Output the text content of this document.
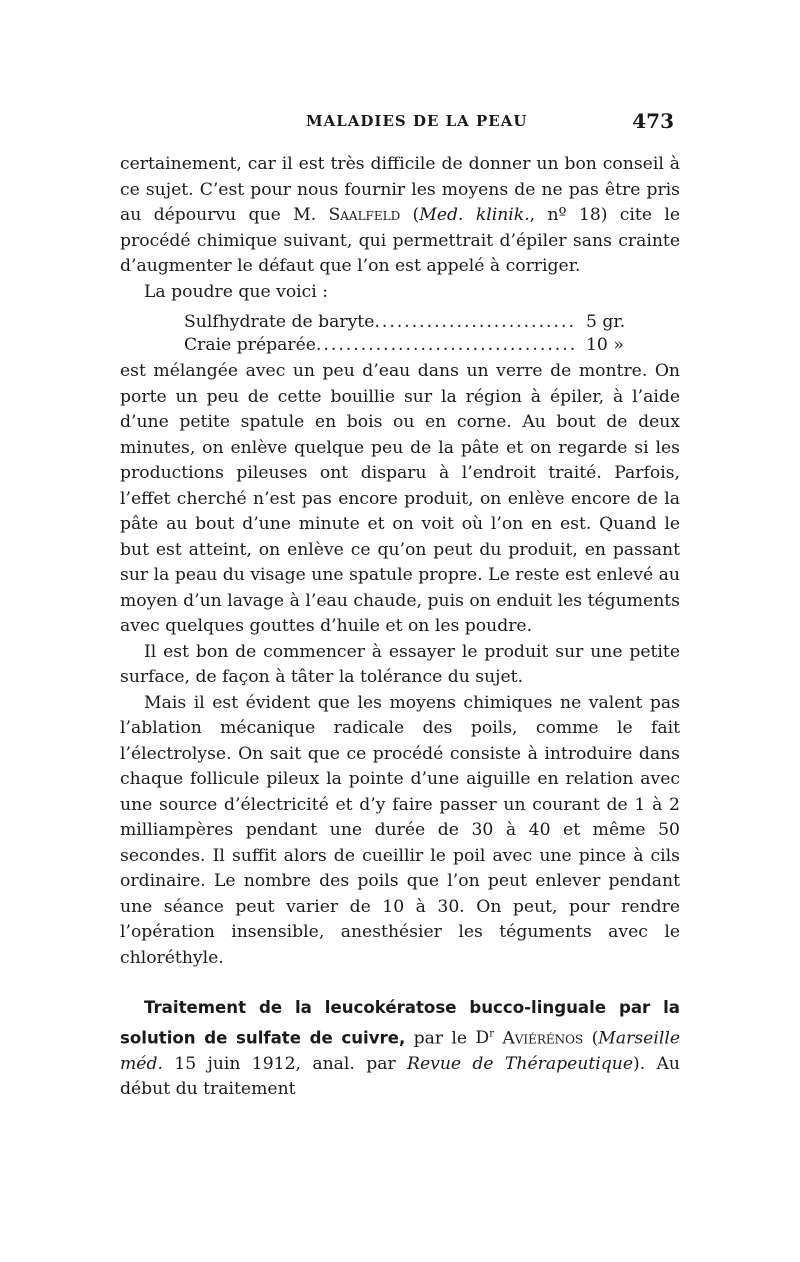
MALADIES DE LA PEAU	473

certainement, car il est très difficile de donner un bon conseil à ce sujet. C’est pour nous fournir les moyens de ne pas être pris au dépourvu que M. Saalfeld (Med. klinik., nº 18) cite le procédé chimique suivant, qui permettrait d’épiler sans crainte d’augmenter le défaut que l’on est appelé à corriger.

La poudre que voici :

Sulfhydrate de baryte .....	5 gr.
Craie préparée .....	10 »

est mélangée avec un peu d’eau dans un verre de montre. On porte un peu de cette bouillie sur la région à épiler, à l’aide d’une petite spatule en bois ou en corne. Au bout de deux minutes, on enlève quelque peu de la pâte et on regarde si les productions pileuses ont disparu à l’endroit traité. Parfois, l’effet cherché n’est pas encore produit, on enlève encore de la pâte au bout d’une minute et on voit où l’on en est. Quand le but est atteint, on enlève ce qu’on peut du produit, en passant sur la peau du visage une spatule propre. Le reste est enlevé au moyen d’un lavage à l’eau chaude, puis on enduit les téguments avec quelques gouttes d’huile et on les poudre.

Il est bon de commencer à essayer le produit sur une petite surface, de façon à tâter la tolérance du sujet.

Mais il est évident que les moyens chimiques ne valent pas l’ablation mécanique radicale des poils, comme le fait l’électrolyse. On sait que ce procédé consiste à introduire dans chaque follicule pileux la pointe d’une aiguille en relation avec une source d’électricité et d’y faire passer un courant de 1 à 2 milliampères pendant une durée de 30 à 40 et même 50 secondes. Il suffit alors de cueillir le poil avec une pince à cils ordinaire. Le nombre des poils que l’on peut enlever pendant une séance peut varier de 10 à 30. On peut, pour rendre l’opération insensible, anesthésier les téguments avec le chloréthyle.

Traitement de la leucokératose bucco-linguale par la solution de sulfate de cuivre, par le $D^r$ Aviérénos (Marseille méd. 15 juin 1912, anal. par Revue de Thérapeutique). Au début du traitement
